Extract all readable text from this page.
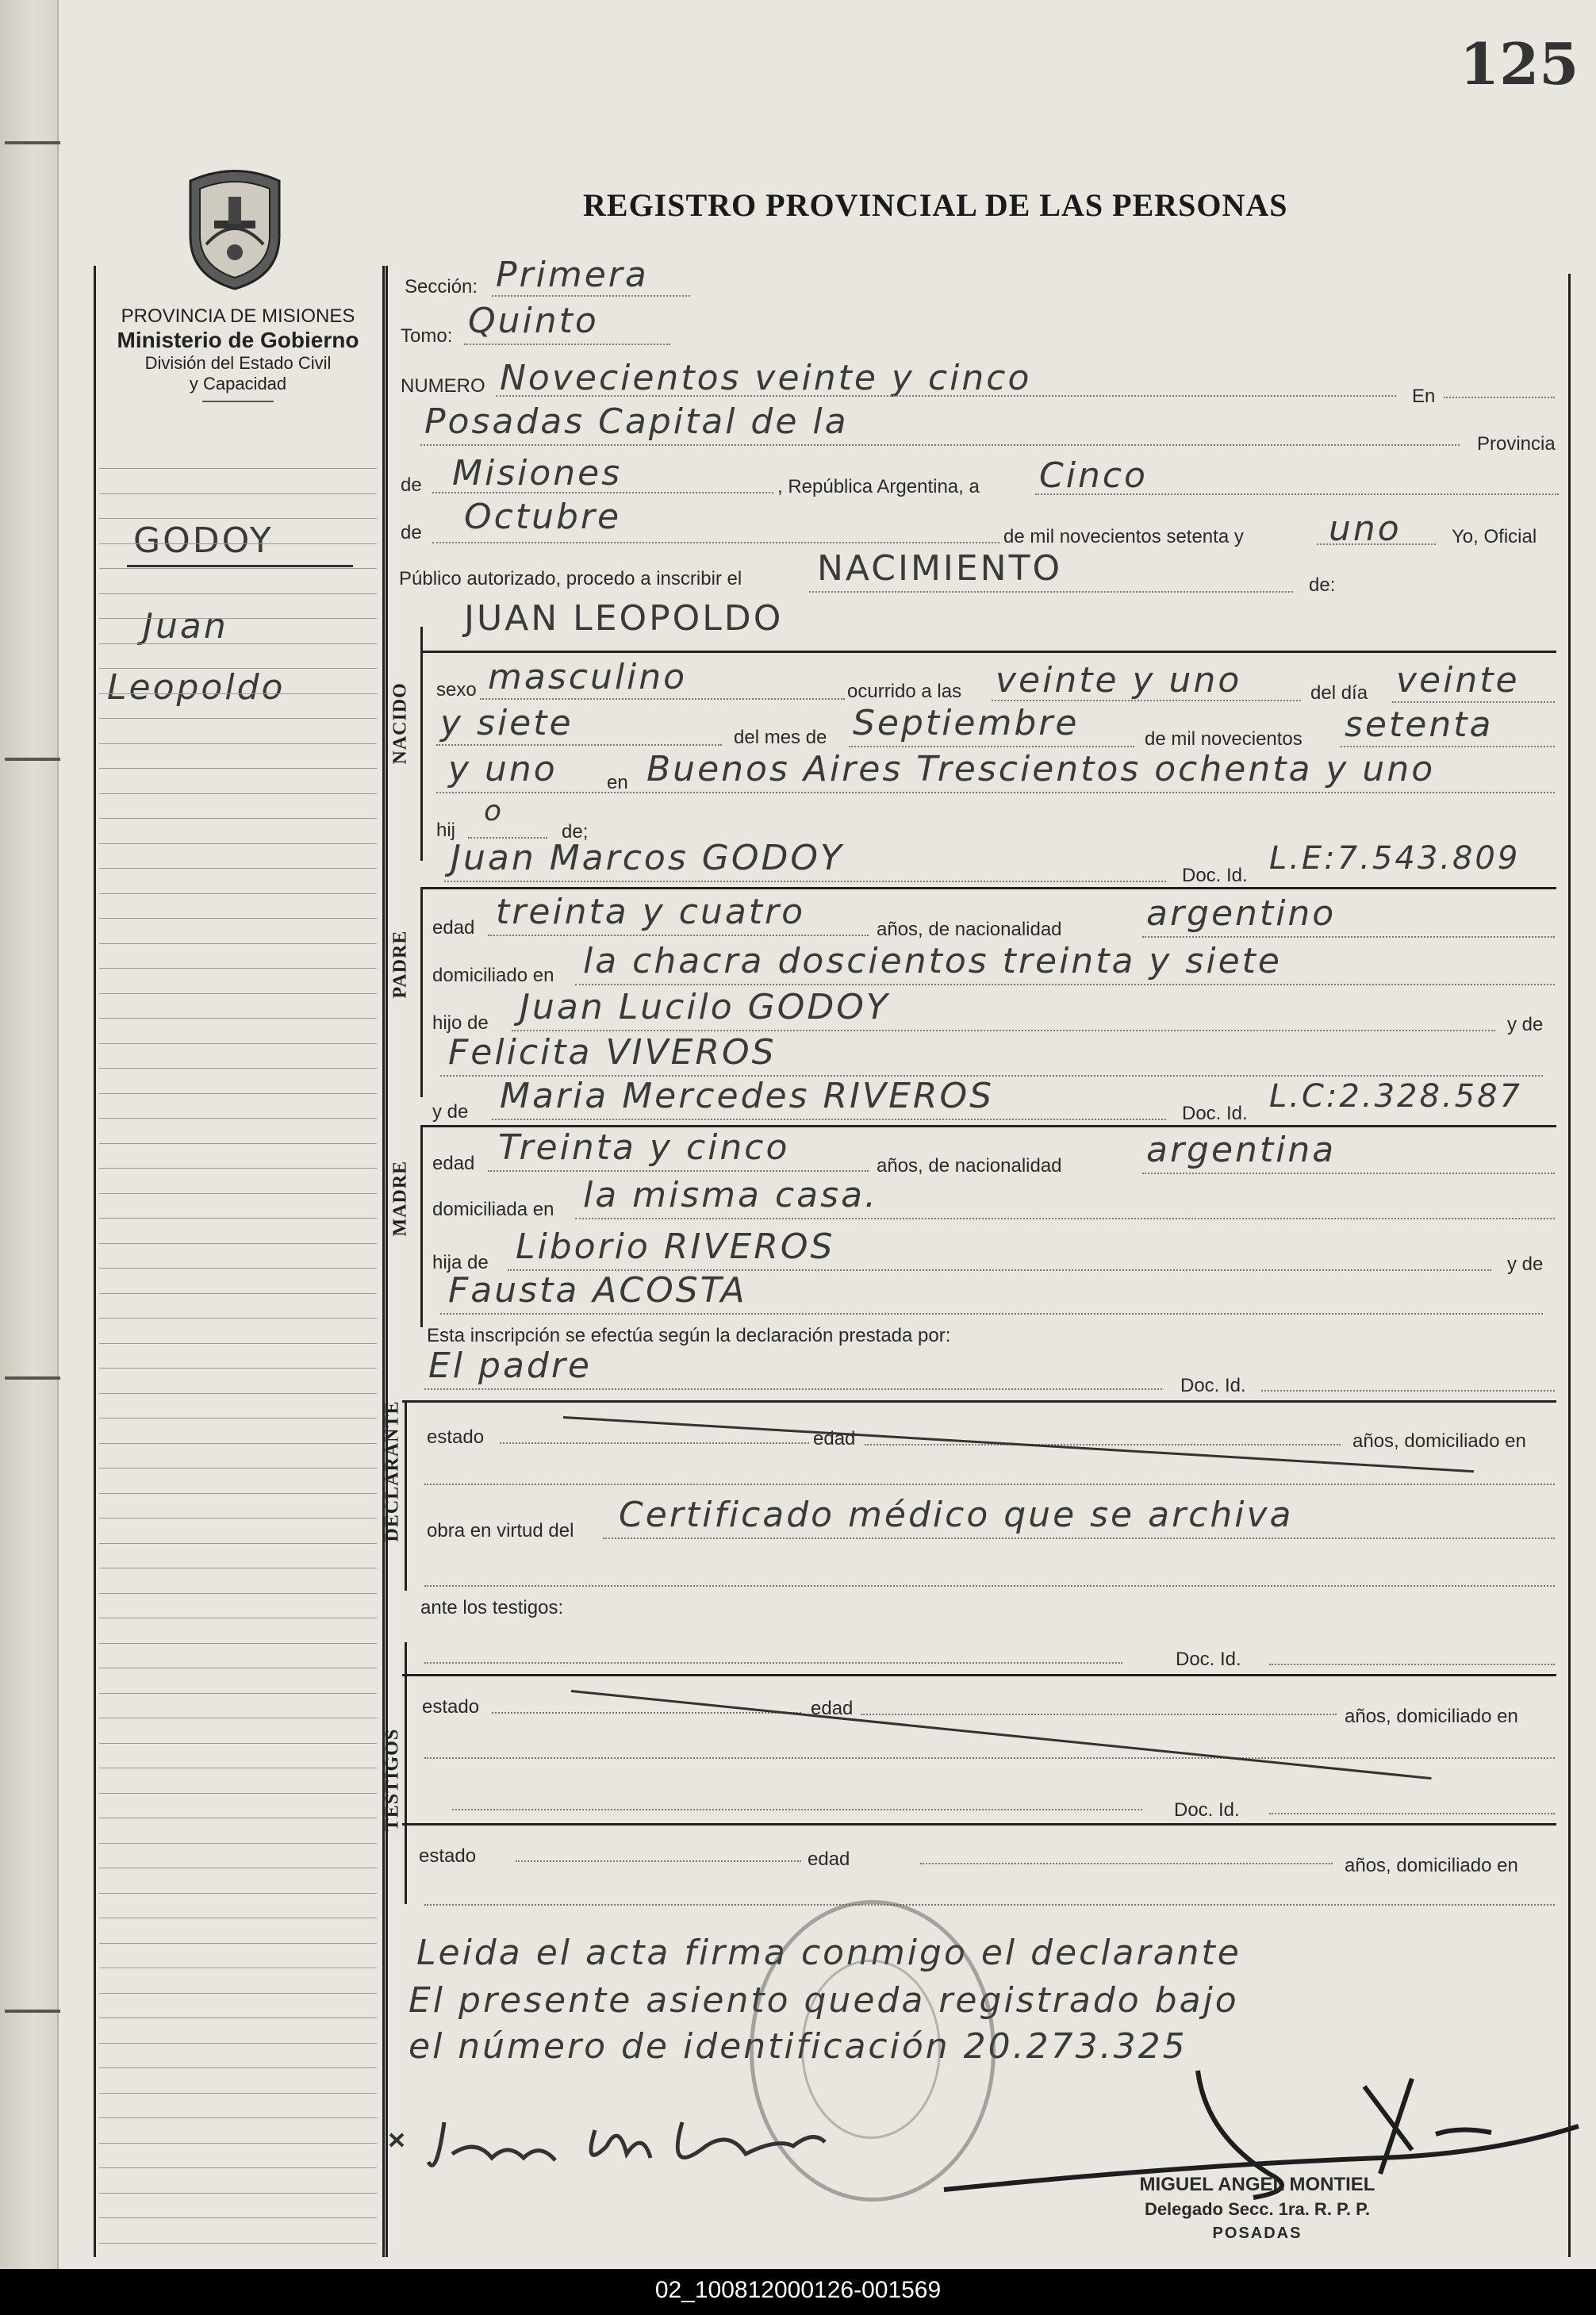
125
REGISTRO PROVINCIAL DE LAS PERSONAS
PROVINCIA DE MISIONES
Ministerio de Gobierno
División del Estado Civil
y Capacidad
GODOY
Juan
Leopoldo
Sección: Primera
Tomo: Quinto
NUMERO Novecientos veinte y cinco	En
Posadas Capital de la
Provincia
de Misiones	, República Argentina, a Cinco
de Octubre	de mil novecientos setenta y uno	Yo, Oficial
Público autorizado, procedo a inscribir el NACIMIENTO	de:
NACIDO
JUAN LEOPOLDO
sexo masculino	ocurrido a las veinte y uno	del día veinte
y siete	del mes de Septiembre	de mil novecientos setenta
y uno	en Buenos Aires Trescientos ochenta y uno
hij
o
de;
Juan Marcos GODOY	Doc. Id. L.E:7.543.809
PADRE
edad treinta y cuatro	años, de nacionalidad argentino
domiciliado en la chacra doscientos treinta y siete
hijo de Juan Lucilo GODOY	y de
Felicita VIVEROS
y de Maria Mercedes RIVEROS	Doc. Id. L.C:2.328.587
MADRE edad Treinta y cinco	años, de nacionalidad argentina
domiciliada en la misma casa.
hija de Liborio RIVEROS	y de
Fausta ACOSTA
Esta inscripción se efectúa según la declaración prestada por:
El padre	Doc. Id.
DECLARANTE estado	edad	años, domiciliado en
obra en virtud del Certificado médico que se archiva
ante los testigos:
Doc. Id.
TESTIGOS
estado	edad	años, domiciliado en
Doc. Id.
estado	edad	años, domiciliado en
Leida el acta firma conmigo el declarante
El presente asiento queda registrado bajo
el número de identificación 20.273.325
MIGUEL ANGEL MONTIEL
Delegado Secc. 1ra. R. P. P.
POSADAS
02_100812000126-001569
